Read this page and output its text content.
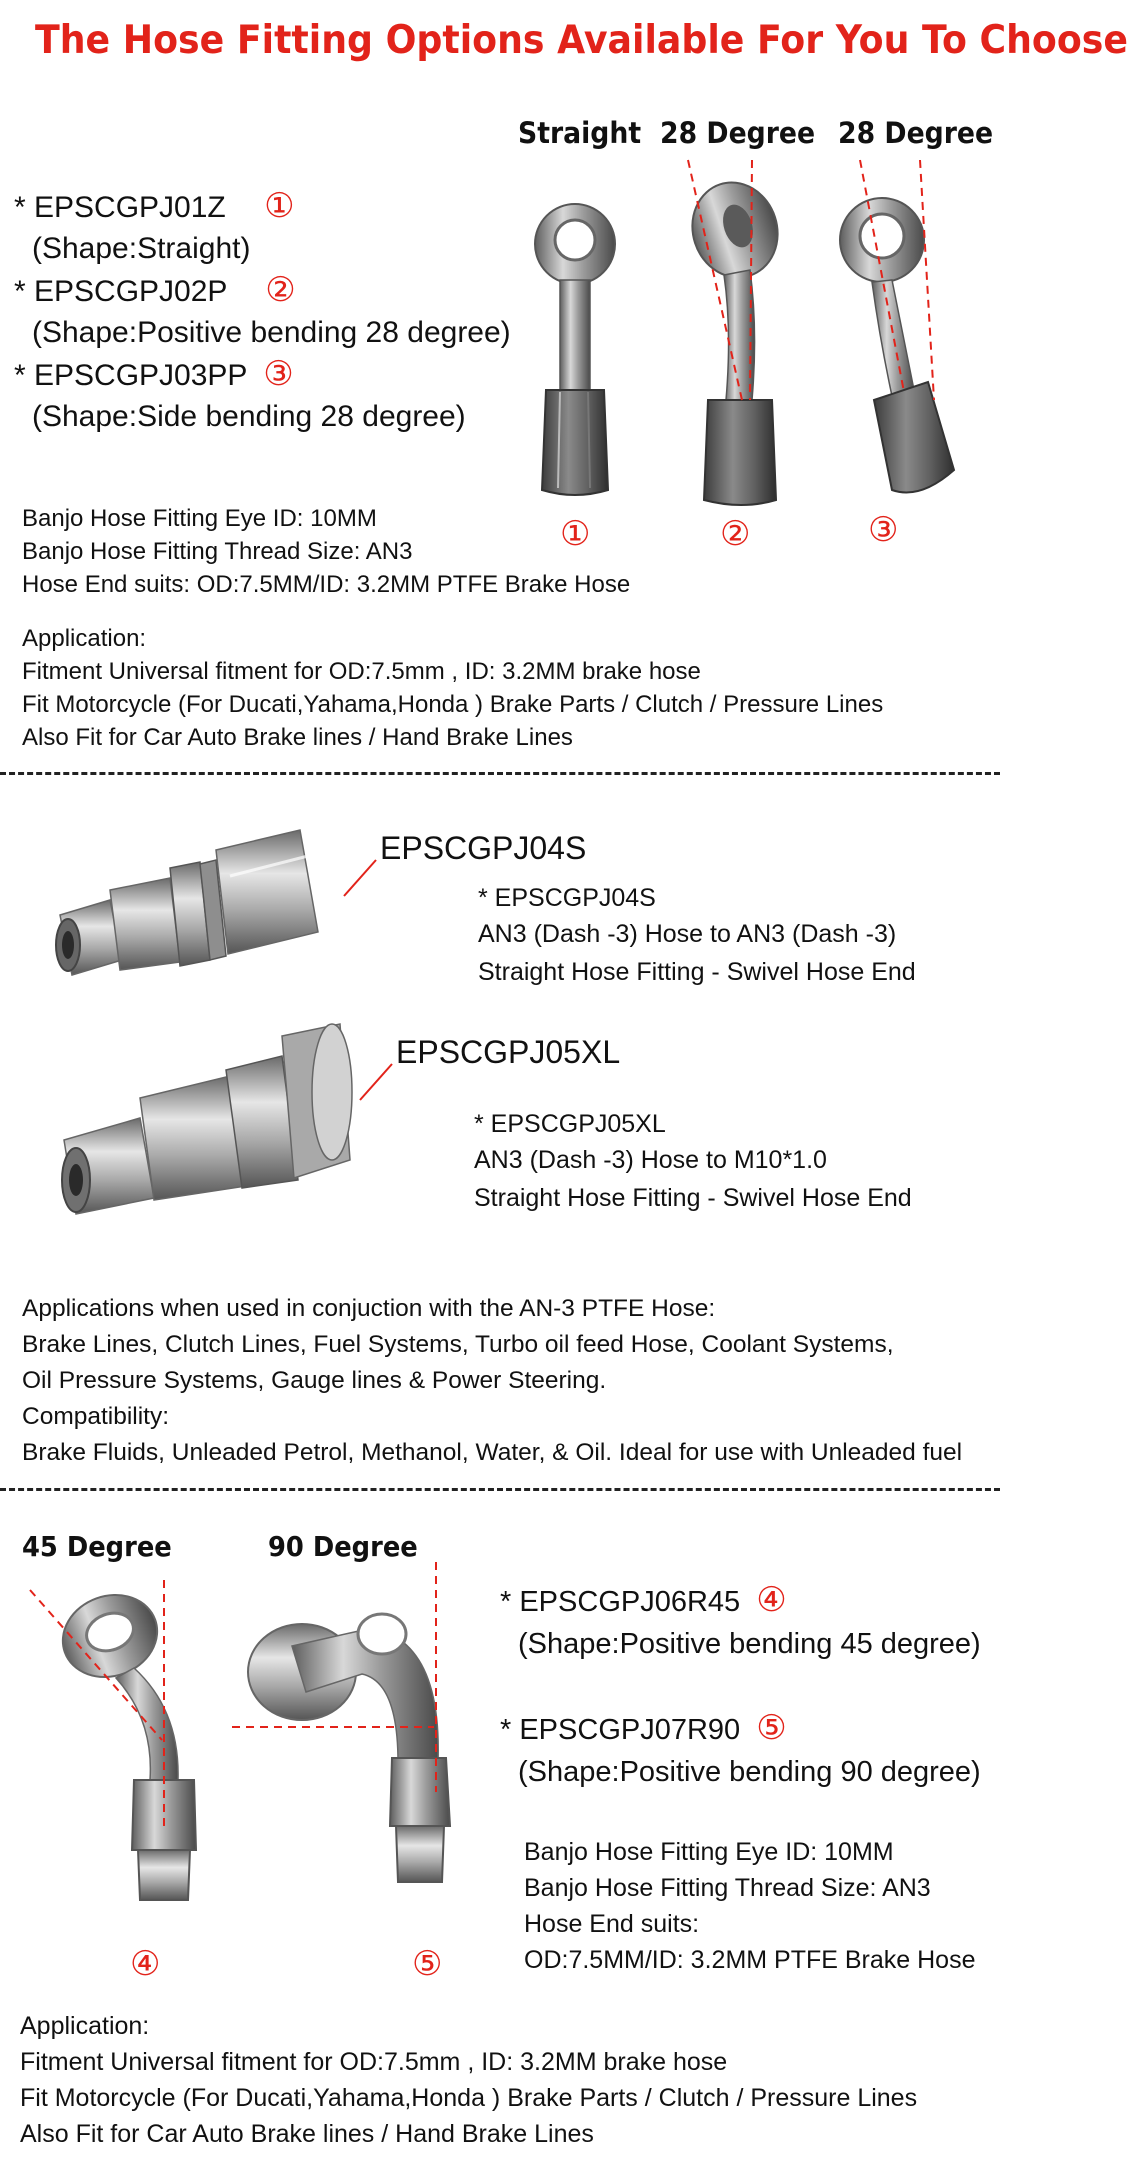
The Hose Fitting Options Available For You To Choose
Straight 28 Degree 28 Degree
* EPSCGPJ01Z ①
(Shape:Straight)
* EPSCGPJ02P ②
(Shape:Positive bending 28 degree)
* EPSCGPJ03PP ③
(Shape:Side bending 28 degree)
Banjo Hose Fitting Eye ID: 10MM
Banjo Hose Fitting Thread Size: AN3
Hose End suits: OD:7.5MM/ID: 3.2MM PTFE Brake Hose
①	②	③
Application:
Fitment Universal fitment for OD:7.5mm , ID: 3.2MM brake hose
Fit Motorcycle (For Ducati,Yahama,Honda ) Brake Parts / Clutch / Pressure Lines
Also Fit for Car Auto Brake lines / Hand Brake Lines
EPSCGPJ04S
* EPSCGPJ04S
AN3 (Dash -3) Hose to AN3 (Dash -3)
Straight Hose Fitting - Swivel Hose End
EPSCGPJ05XL
* EPSCGPJ05XL
AN3 (Dash -3) Hose to M10*1.0
Straight Hose Fitting - Swivel Hose End
Applications when used in conjuction with the AN-3 PTFE Hose:
Brake Lines, Clutch Lines, Fuel Systems, Turbo oil feed Hose, Coolant Systems,
Oil Pressure Systems, Gauge lines & Power Steering.
Compatibility:
Brake Fluids, Unleaded Petrol, Methanol, Water, & Oil. Ideal for use with Unleaded fuel
45 Degree	90 Degree
④	⑤
* EPSCGPJ06R45 ④
(Shape:Positive bending 45 degree)
* EPSCGPJ07R90 ⑤
(Shape:Positive bending 90 degree)
Banjo Hose Fitting Eye ID: 10MM
Banjo Hose Fitting Thread Size: AN3
Hose End suits:
OD:7.5MM/ID: 3.2MM PTFE Brake Hose
Application:
Fitment Universal fitment for OD:7.5mm , ID: 3.2MM brake hose
Fit Motorcycle (For Ducati,Yahama,Honda ) Brake Parts / Clutch / Pressure Lines
Also Fit for Car Auto Brake lines / Hand Brake Lines
